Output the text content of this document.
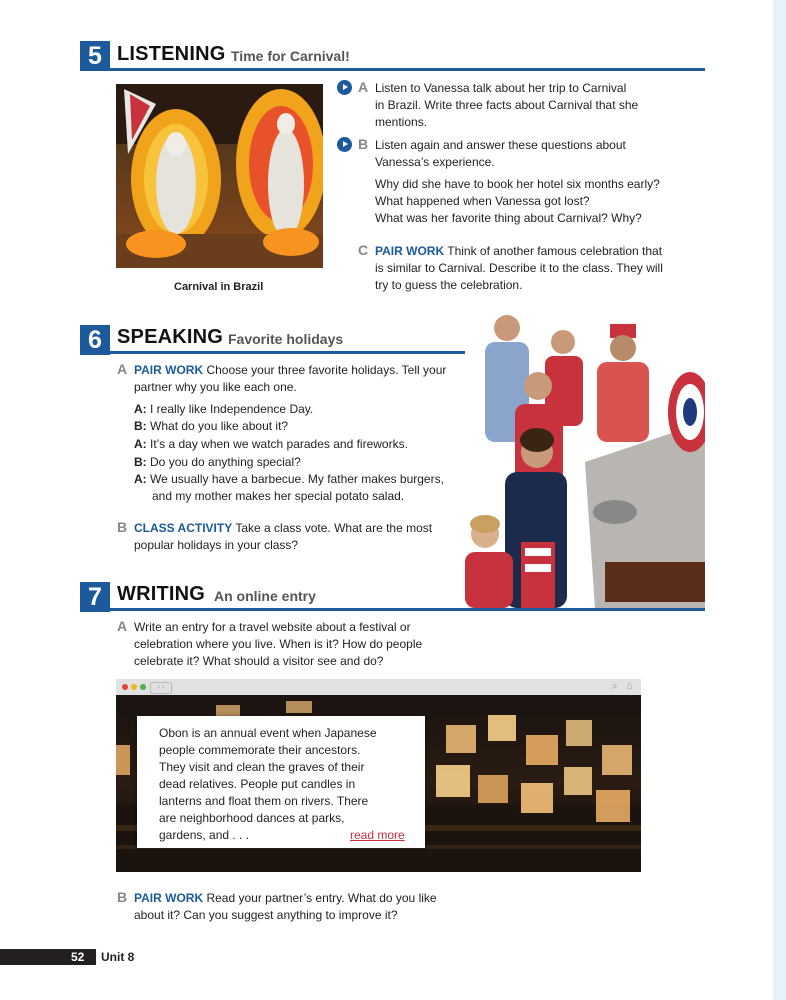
5 LISTENING Time for Carnival!
Carnival in Brazil
A Listen to Vanessa talk about her trip to Carnival
in Brazil. Write three facts about Carnival that she
mentions.
B Listen again and answer these questions about
Vanessa’s experience.
Why did she have to book her hotel six months early?
What happened when Vanessa got lost?
What was her favorite thing about Carnival? Why?
C PAIR WORK Think of another famous celebration that
is similar to Carnival. Describe it to the class. They will
try to guess the celebration.
6 SPEAKING Favorite holidays
A PAIR WORK Choose your three favorite holidays. Tell your
partner why you like each one.
A: I really like Independence Day.
B: What do you like about it?
A: It’s a day when we watch parades and fireworks.
B: Do you do anything special?
A: We usually have a barbecue. My father makes burgers,
and my mother makes her special potato salad.
B CLASS ACTIVITY Take a class vote. What are the most
popular holidays in your class?
7 WRITING An online entry
A Write an entry for a travel website about a festival or
celebration where you live. When is it? How do people
celebrate it? What should a visitor see and do?
‹ ›	⌕ ⌂
Obon is an annual event when Japanese
people commemorate their ancestors.
They visit and clean the graves of their
dead relatives. People put candles in
lanterns and float them on rivers. There
are neighborhood dances at parks,
gardens, and . . .	read more
B PAIR WORK Read your partner’s entry. What do you like
about it? Can you suggest anything to improve it?
52 Unit 8
